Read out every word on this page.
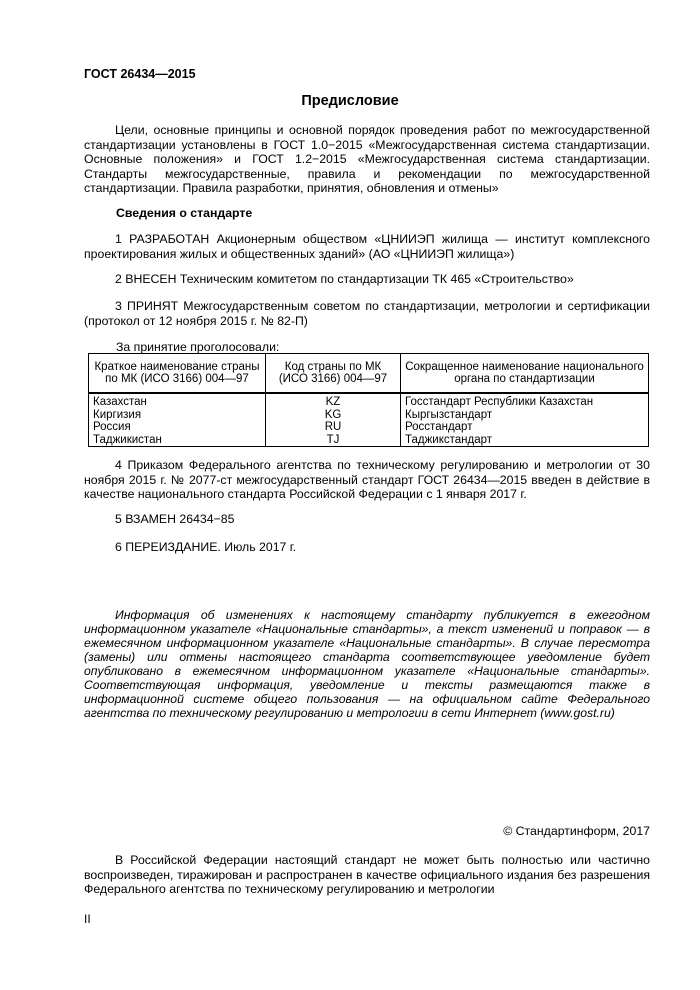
ГОСТ 26434—2015
Предисловие

Цели, основные принципы и основной порядок проведения работ по межгосударственной стандартизации установлены в ГОСТ 1.0−2015 «Межгосударственная система стандартизации. Основные положения» и ГОСТ 1.2−2015 «Межгосударственная система стандартизации. Стандарты межгосударственные, правила и рекомендации по межгосударственной стандартизации. Правила разработки, принятия, обновления и отмены»

Сведения о стандарте

1 РАЗРАБОТАН Акционерным обществом «ЦНИИЭП жилища — институт комплексного проектирования жилых и общественных зданий» (АО «ЦНИИЭП жилища»)

2 ВНЕСЕН Техническим комитетом по стандартизации ТК 465 «Строительство»

3 ПРИНЯТ Межгосударственным советом по стандартизации, метрологии и сертификации (протокол от 12 ноября 2015 г. № 82-П)

За принятие проголосовали:
Краткое наименование страны по МК (ИСО 3166) 004—97	Код страны по МК (ИСО 3166) 004—97	Сокращенное наименование национального органа по стандартизации
Казахстан	KZ	Госстандарт Республики Казахстан
Киргизия	KG	Кыргызстандарт
Россия	RU	Росстандарт
Таджикистан	TJ	Таджикстандарт

4 Приказом Федерального агентства по техническому регулированию и метрологии от 30 ноября 2015 г. № 2077-ст межгосударственный стандарт ГОСТ 26434—2015 введен в действие в качестве национального стандарта Российской Федерации с 1 января 2017 г.

5 ВЗАМЕН 26434−85

6 ПЕРЕИЗДАНИЕ. Июль 2017 г.

Информация об изменениях к настоящему стандарту публикуется в ежегодном информационном указателе «Национальные стандарты», а текст изменений и поправок — в ежемесячном информационном указателе «Национальные стандарты». В случае пересмотра (замены) или отмены настоящего стандарта соответствующее уведомление будет опубликовано в ежемесячном информационном указателе «Национальные стандарты». Соответствующая информация, уведомление и тексты размещаются также в информационной системе общего пользования — на официальном сайте Федерального агентства по техническому регулированию и метрологии в сети Интернет (www.gost.ru)

© Стандартинформ, 2017

В Российской Федерации настоящий стандарт не может быть полностью или частично воспроизведен, тиражирован и распространен в качестве официального издания без разрешения Федерального агентства по техническому регулированию и метрологии

II
